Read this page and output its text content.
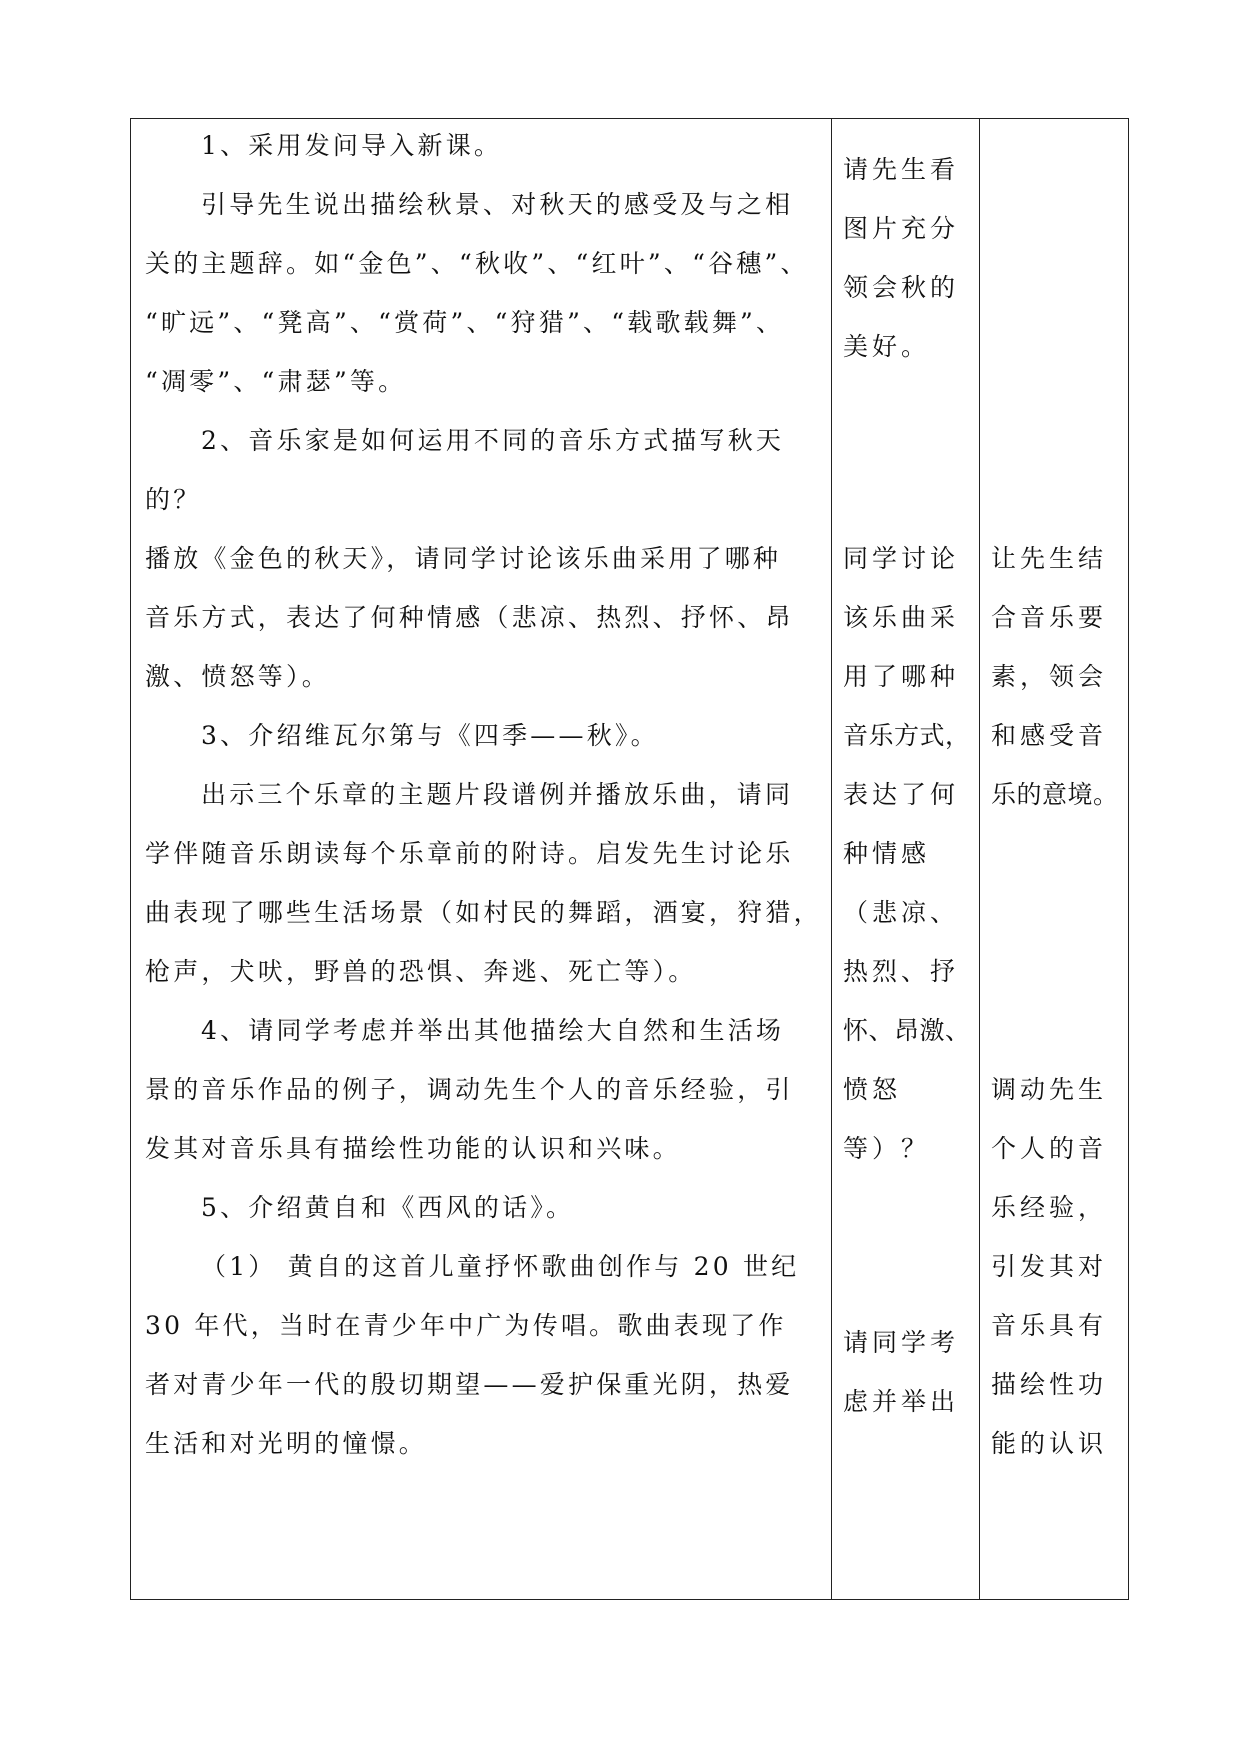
1、采用发问导入新课。
引导先生说出描绘秋景、对秋天的感受及与之相
关的主题辞。如“金色”、“秋收”、“红叶”、“谷穗”、
“旷远”、“凳高”、“赏荷”、“狩猎”、“载歌载舞”、
“凋零”、“肃瑟”等。
2、音乐家是如何运用不同的音乐方式描写秋天
的？
播放《金色的秋天》，请同学讨论该乐曲采用了哪种
音乐方式，表达了何种情感（悲凉、热烈、抒怀、昂
激、愤怒等）。
3、介绍维瓦尔第与《四季——秋》。
出示三个乐章的主题片段谱例并播放乐曲，请同
学伴随音乐朗读每个乐章前的附诗。启发先生讨论乐
曲表现了哪些生活场景（如村民的舞蹈，酒宴，狩猎，
枪声，犬吠，野兽的恐惧、奔逃、死亡等）。
4、请同学考虑并举出其他描绘大自然和生活场
景的音乐作品的例子，调动先生个人的音乐经验，引
发其对音乐具有描绘性功能的认识和兴味。
5、介绍黄自和《西风的话》。
（1） 黄自的这首儿童抒怀歌曲创作与 20 世纪
30 年代，当时在青少年中广为传唱。歌曲表现了作
者对青少年一代的殷切期望——爱护保重光阴，热爱
生活和对光明的憧憬。
请先生看
图片充分
领会秋的
美好。
同学讨论
该乐曲采
用了哪种
音乐方式，
表达了何
种情感
（悲凉、
热烈、抒
怀、昂激、
愤怒
等）？
请同学考
虑并举出
让先生结
合音乐要
素，领会
和感受音
乐的意境。
调动先生
个人的音
乐经验，
引发其对
音乐具有
描绘性功
能的认识
